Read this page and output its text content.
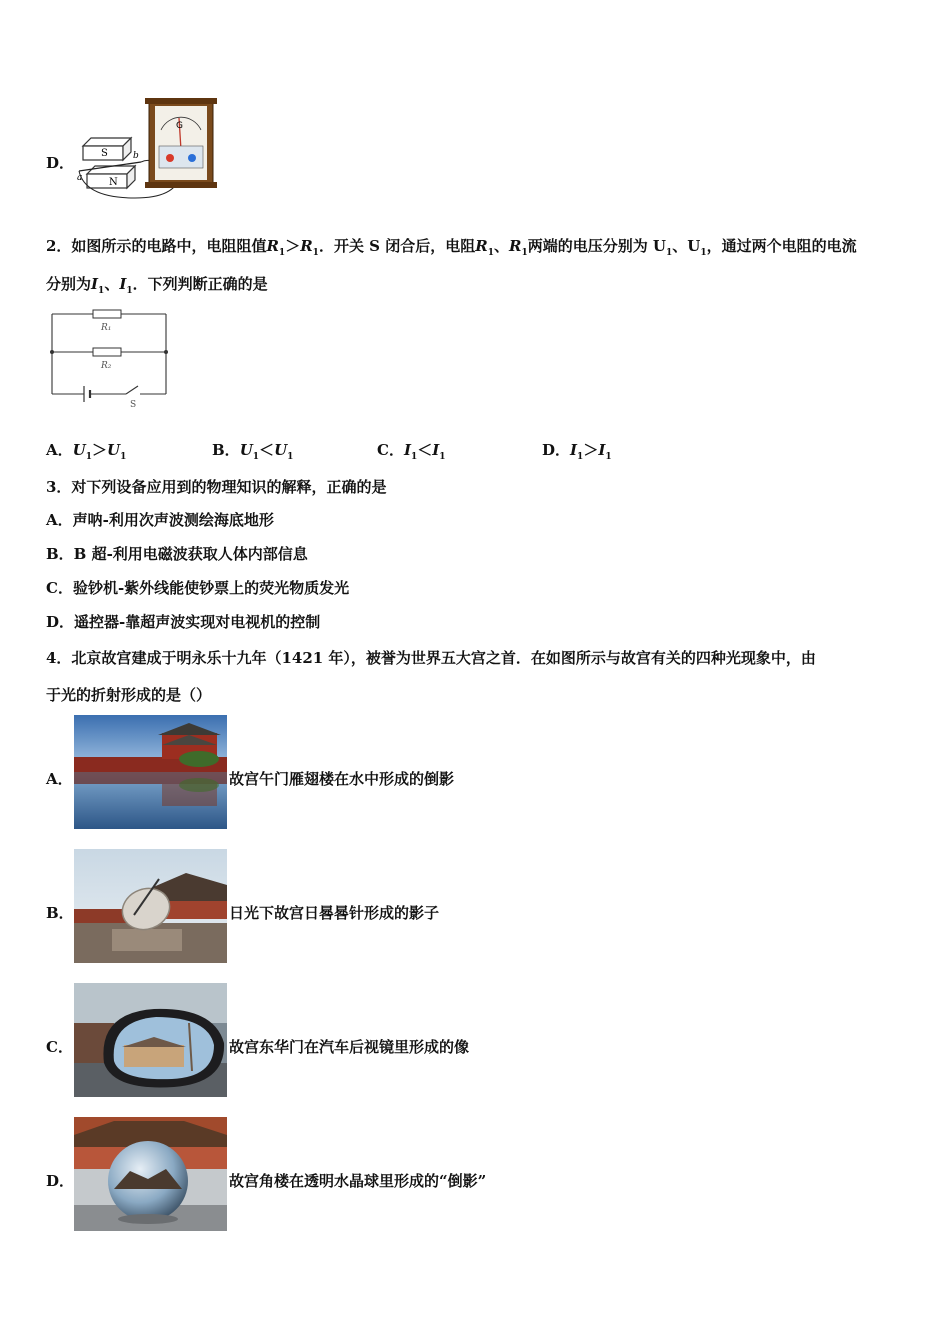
D．
S
N
a
b
G
2．如图所示的电路中，电阻阻值$R_1>R_1$．开关 S 闭合后，电阻$R_1$、$R_1$两端的电压分别为 $U_1$、$U_1$，通过两个电阻的电流
分别为$I_1$、$I_1$．下列判断正确的是
R₁
R₂
S
A．$U_1>U_1$	B．$U_1<U_1$	C．$I_1<I_1$	D．$I_1>I_1$
3．对下列设备应用到的物理知识的解释，正确的是
A．声呐-利用次声波测绘海底地形
B．B 超-利用电磁波获取人体内部信息
C．验钞机-紫外线能使钞票上的荧光物质发光
D．遥控器-靠超声波实现对电视机的控制
4．北京故宫建成于明永乐十九年（1421 年），被誉为世界五大宫之首．在如图所示与故宫有关的四种光现象中，由
于光的折射形成的是（）
A．	故宫午门雁翅楼在水中形成的倒影
B．	日光下故宫日晷晷针形成的影子
C．	故宫东华门在汽车后视镜里形成的像
D．	故宫角楼在透明水晶球里形成的“倒影”
